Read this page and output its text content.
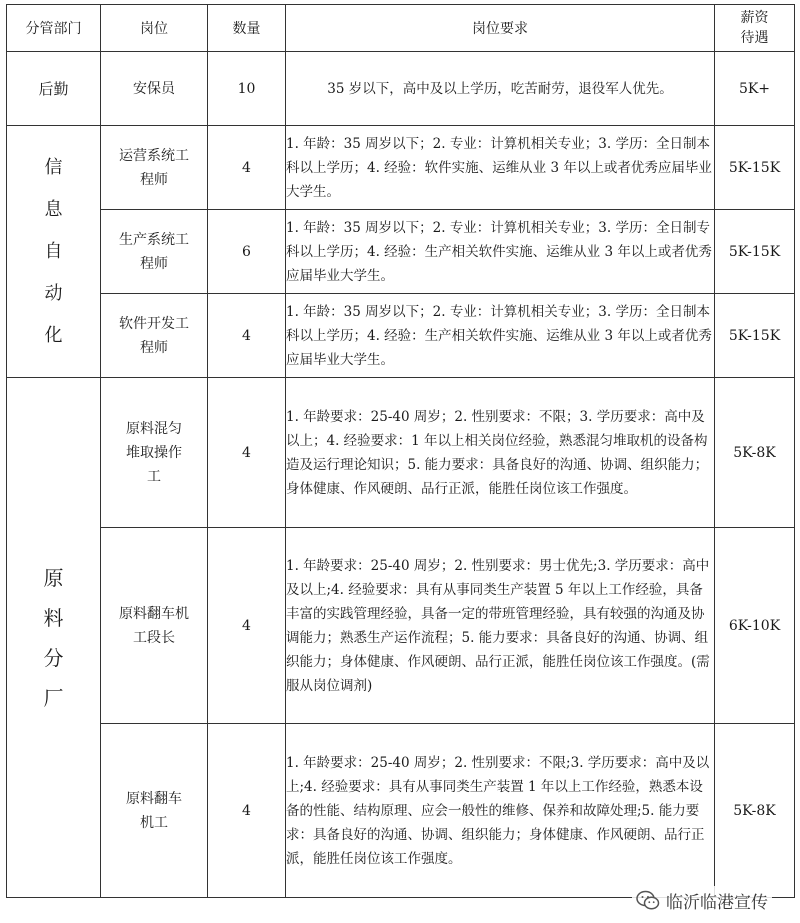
分管部门	岗位	数量	岗位要求	薪资待遇
后勤	安保员	10	35 岁以下，高中及以上学历，吃苦耐劳，退役军人优先。	5K+
信息自动化	运营系统工程师	4	1. 年龄：35 周岁以下；2. 专业：计算机相关专业；3. 学历：全日制本科以上学历；4. 经验：软件实施、运维从业 3 年以上或者优秀应届毕业大学生。	5K-15K
	生产系统工程师	6	1. 年龄：35 周岁以下；2. 专业：计算机相关专业；3. 学历：全日制专科以上学历；4. 经验：生产相关软件实施、运维从业 3 年以上或者优秀应届毕业大学生。	5K-15K
	软件开发工程师	4	1. 年龄：35 周岁以下；2. 专业：计算机相关专业；3. 学历：全日制本科以上学历；4. 经验：生产相关软件实施、运维从业 3 年以上或者优秀应届毕业大学生。	5K-15K
原料分厂	原料混匀堆取操作工	4	1. 年龄要求：25-40 周岁；2. 性别要求：不限；3. 学历要求：高中及以上；4. 经验要求：1 年以上相关岗位经验，熟悉混匀堆取机的设备构造及运行理论知识；5. 能力要求：具备良好的沟通、协调、组织能力；身体健康、作风硬朗、品行正派，能胜任岗位该工作强度。	5K-8K
	原料翻车机工段长	4	1. 年龄要求：25-40 周岁；2. 性别要求：男士优先;3. 学历要求：高中及以上;4. 经验要求：具有从事同类生产装置 5 年以上工作经验，具备丰富的实践管理经验，具备一定的带班管理经验，具有较强的沟通及协调能力；熟悉生产运作流程；5. 能力要求：具备良好的沟通、协调、组织能力；身体健康、作风硬朗、品行正派，能胜任岗位该工作强度。(需服从岗位调剂)	6K-10K
	原料翻车机工	4	1. 年龄要求：25-40 周岁；2. 性别要求：不限;3. 学历要求：高中及以上;4. 经验要求：具有从事同类生产装置 1 年以上工作经验，熟悉本设备的性能、结构原理、应会一般性的维修、保养和故障处理;5. 能力要求：具备良好的沟通、协调、组织能力；身体健康、作风硬朗、品行正派，能胜任岗位该工作强度。	5K-8K
临沂临港宣传
